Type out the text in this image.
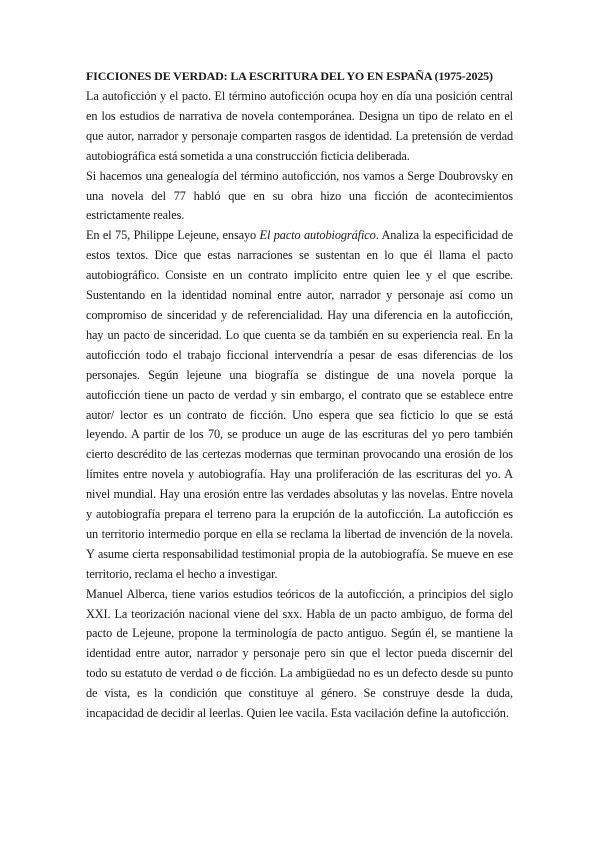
FICCIONES DE VERDAD: LA ESCRITURA DEL YO EN ESPAÑA (1975-2025)

La autoficción y el pacto. El término autoficción ocupa hoy en día una posición central en los estudios de narrativa de novela contemporánea. Designa un tipo de relato en el que autor, narrador y personaje comparten rasgos de identidad. La pretensión de verdad autobiográfica está sometida a una construcción ficticia deliberada.

Si hacemos una genealogía del término autoficción, nos vamos a Serge Doubrovsky en una novela del 77 habló que en su obra hizo una ficción de acontecimientos estrictamente reales.

En el 75, Philippe Lejeune, ensayo El pacto autobiográfico. Analiza la especificidad de estos textos. Dice que estas narraciones se sustentan en lo que él llama el pacto autobiográfico. Consiste en un contrato implícito entre quien lee y el que escribe. Sustentando en la identidad nominal entre autor, narrador y personaje así como un compromiso de sinceridad y de referencialidad. Hay una diferencia en la autoficción, hay un pacto de sinceridad. Lo que cuenta se da también en su experiencia real. En la autoficción todo el trabajo ficcional intervendría a pesar de esas diferencias de los personajes. Según lejeune una biografía se distingue de una novela porque la autoficción tiene un pacto de verdad y sin embargo, el contrato que se establece entre autor/ lector es un contrato de ficción. Uno espera que sea ficticio lo que se está leyendo. A partir de los 70, se produce un auge de las escrituras del yo pero también cierto descrédito de las certezas modernas que terminan provocando una erosión de los límites entre novela y autobiografía. Hay una proliferación de las escrituras del yo. A nivel mundial. Hay una erosión entre las verdades absolutas y las novelas. Entre novela y autobiografía prepara el terreno para la erupción de la autoficción. La autoficción es un territorio intermedio porque en ella se reclama la libertad de invención de la novela. Y asume cierta responsabilidad testimonial propia de la autobiografía. Se mueve en ese territorio, reclama el hecho a investigar.

Manuel Alberca, tiene varios estudios teóricos de la autoficción, a principios del siglo XXI. La teorización nacional viene del sxx. Habla de un pacto ambiguo, de forma del pacto de Lejeune, propone la terminología de pacto antiguo. Según él, se mantiene la identidad entre autor, narrador y personaje pero sin que el lector pueda discernir del todo su estatuto de verdad o de ficción. La ambigüedad no es un defecto desde su punto de vista, es la condición que constituye al género. Se construye desde la duda, incapacidad de decidir al leerlas. Quien lee vacila. Esta vacilación define la autoficción.
